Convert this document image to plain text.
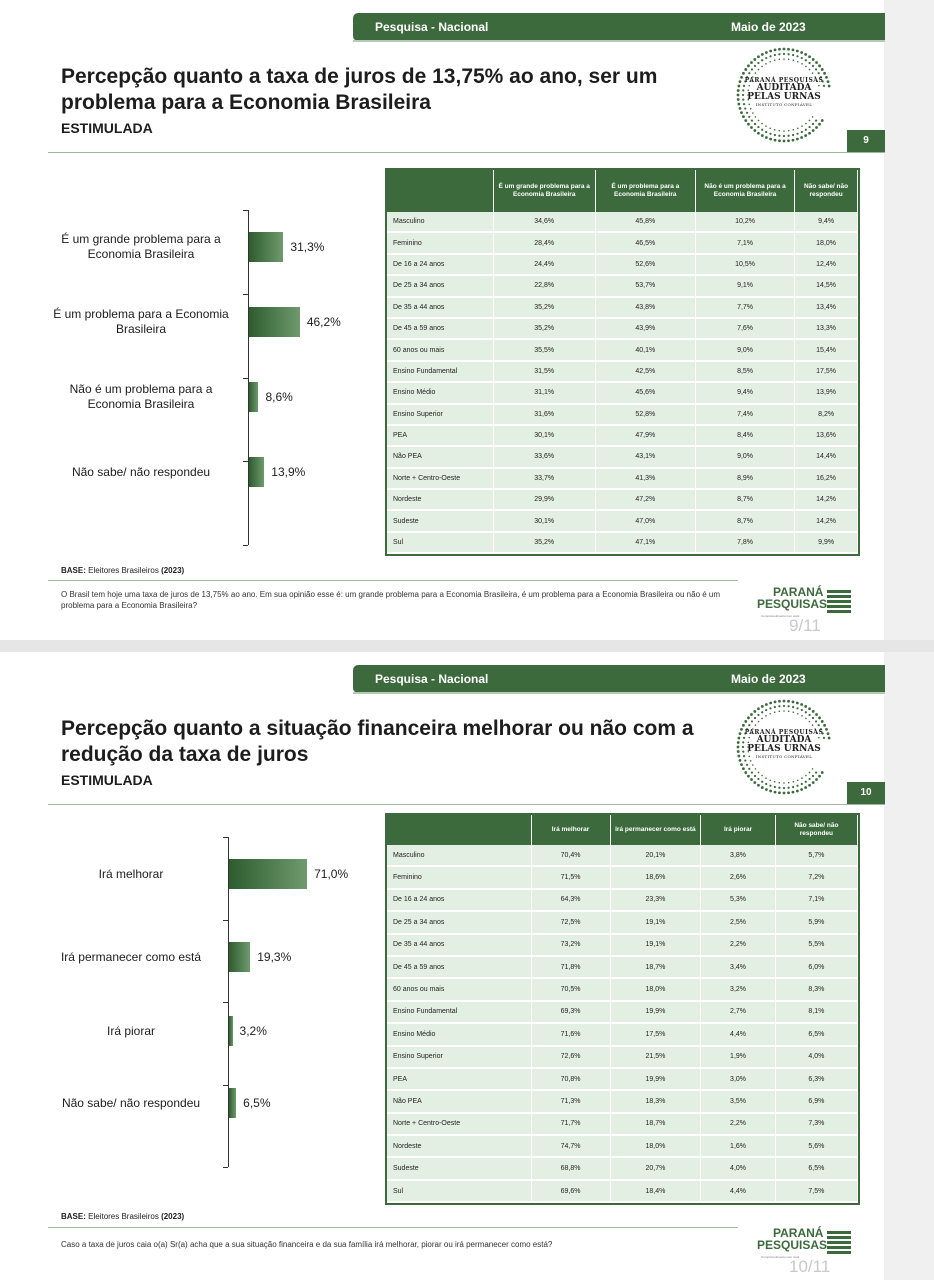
Pesquisa - Nacional	Maio de 2023
Percepção quanto a taxa de juros de 13,75% ao ano, ser um problema para a Economia Brasileira
ESTIMULADA
PARANÁ PESQUISAS
AUDITADA
PELAS URNAS
INSTITUTO CONFIÁVEL
9
É um grande problema para a Economia Brasileira	31,3%
É um problema para a Economia Brasileira	46,2%
Não é um problema para a Economia Brasileira	8,6%
Não sabe/ não respondeu	13,9%
	É um grande problema para a Economia Brasileira	É um problema para a Economia Brasileira	Não é um problema para a Economia Brasileira	Não sabe/ não respondeu
Masculino	34,6%	45,8%	10,2%	9,4%
Feminino	28,4%	46,5%	7,1%	18,0%
De 16 a 24 anos	24,4%	52,6%	10,5%	12,4%
De 25 a 34 anos	22,8%	53,7%	9,1%	14,5%
De 35 a 44 anos	35,2%	43,8%	7,7%	13,4%
De 45 a 59 anos	35,2%	43,9%	7,6%	13,3%
60 anos ou mais	35,5%	40,1%	9,0%	15,4%
Ensino Fundamental	31,5%	42,5%	8,5%	17,5%
Ensino Médio	31,1%	45,6%	9,4%	13,9%
Ensino Superior	31,6%	52,8%	7,4%	8,2%
PEA	30,1%	47,9%	8,4%	13,6%
Não PEA	33,6%	43,1%	9,0%	14,4%
Norte + Centro-Oeste	33,7%	41,3%	8,9%	16,2%
Nordeste	29,9%	47,2%	8,7%	14,2%
Sudeste	30,1%	47,0%	8,7%	14,2%
Sul	35,2%	47,1%	7,8%	9,9%
BASE: Eleitores Brasileiros (2023)
O Brasil tem hoje uma taxa de juros de 13,75% ao ano. Em sua opinião esse é: um grande problema para a Economia Brasileira, é um problema para a Economia Brasileira ou não é um problema para a Economia Brasileira?
PARANÁ
PESQUISAS
Comprometimento com você
9/11
Pesquisa - Nacional	Maio de 2023
Percepção quanto a situação financeira melhorar ou não com a redução da taxa de juros
ESTIMULADA
PARANÁ PESQUISAS
AUDITADA
PELAS URNAS
INSTITUTO CONFIÁVEL
10
Irá melhorar	71,0%
Irá permanecer como está	19,3%
Irá piorar	3,2%
Não sabe/ não respondeu	6,5%
	Irá melhorar	Irá permanecer como está	Irá piorar	Não sabe/ não respondeu
Masculino	70,4%	20,1%	3,8%	5,7%
Feminino	71,5%	18,6%	2,6%	7,2%
De 16 a 24 anos	64,3%	23,3%	5,3%	7,1%
De 25 a 34 anos	72,5%	19,1%	2,5%	5,9%
De 35 a 44 anos	73,2%	19,1%	2,2%	5,5%
De 45 a 59 anos	71,8%	18,7%	3,4%	6,0%
60 anos ou mais	70,5%	18,0%	3,2%	8,3%
Ensino Fundamental	69,3%	19,9%	2,7%	8,1%
Ensino Médio	71,6%	17,5%	4,4%	6,5%
Ensino Superior	72,6%	21,5%	1,9%	4,0%
PEA	70,8%	19,9%	3,0%	6,3%
Não PEA	71,3%	18,3%	3,5%	6,9%
Norte + Centro-Oeste	71,7%	18,7%	2,2%	7,3%
Nordeste	74,7%	18,0%	1,6%	5,6%
Sudeste	68,8%	20,7%	4,0%	6,5%
Sul	69,6%	18,4%	4,4%	7,5%
BASE: Eleitores Brasileiros (2023)
Caso a taxa de juros caia o(a) Sr(a) acha que a sua situação financeira e da sua família irá melhorar, piorar ou irá permanecer como está?
PARANÁ
PESQUISAS
Comprometimento com você
10/11
